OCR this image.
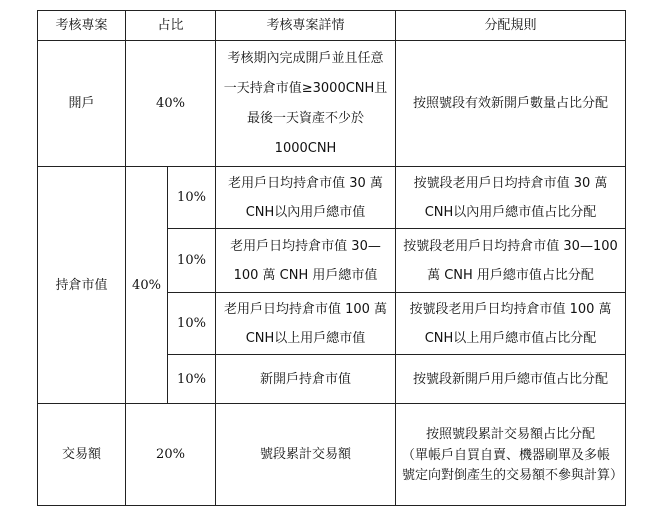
考核專案	占比		考核專案詳情	分配規則
開戶	40%		考核期內完成開戶並且任意一天持倉市值≥3000CNH且最後一天資產不少於1000CNH	按照號段有效新開戶數量占比分配
持倉市值	40%	10%	老用戶日均持倉市值 30 萬CNH以內用戶總市值	按號段老用戶日均持倉市值 30 萬CNH以內用戶總市值占比分配
		10%	老用戶日均持倉市值 30—100 萬 CNH 用戶總市值	按號段老用戶日均持倉市值 30—100 萬 CNH 用戶總市值占比分配
		10%	老用戶日均持倉市值 100 萬CNH以上用戶總市值	按號段老用戶日均持倉市值 100 萬CNH以上用戶總市值占比分配
		10%	新開戶持倉市值	按號段新開戶用戶總市值占比分配
交易額	20%		號段累計交易額	按照號段累計交易額占比分配
（單帳戶自買自賣、機器刷單及多帳號定向對倒產生的交易額不參與計算）
